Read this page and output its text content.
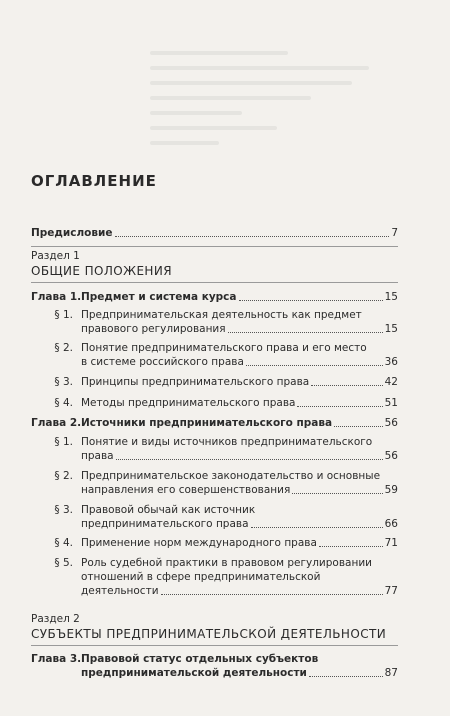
ОГЛАВЛЕНИЕ
Предисловие	7
Раздел 1
ОБЩИЕ ПОЛОЖЕНИЯ
Глава 1. Предмет и система курса	15
§ 1. Предпринимательская деятельность как предмет
правового регулирования	15
§ 2. Понятие предпринимательского права и его место
в системе российского права	36
§ 3. Принципы предпринимательского права	42
§ 4. Методы предпринимательского права	51
Глава 2. Источники предпринимательского права	56
§ 1. Понятие и виды источников предпринимательского
права	56
§ 2. Предпринимательское законодательство и основные
направления его совершенствования	59
§ 3. Правовой обычай как источник
предпринимательского права	66
§ 4. Применение норм международного права	71
§ 5. Роль судебной практики в правовом регулировании
отношений в сфере предпринимательской
деятельности	77
Раздел 2
СУБЪЕКТЫ ПРЕДПРИНИМАТЕЛЬСКОЙ ДЕЯТЕЛЬНОСТИ
Глава 3. Правовой статус отдельных субъектов
предпринимательской деятельности	87
